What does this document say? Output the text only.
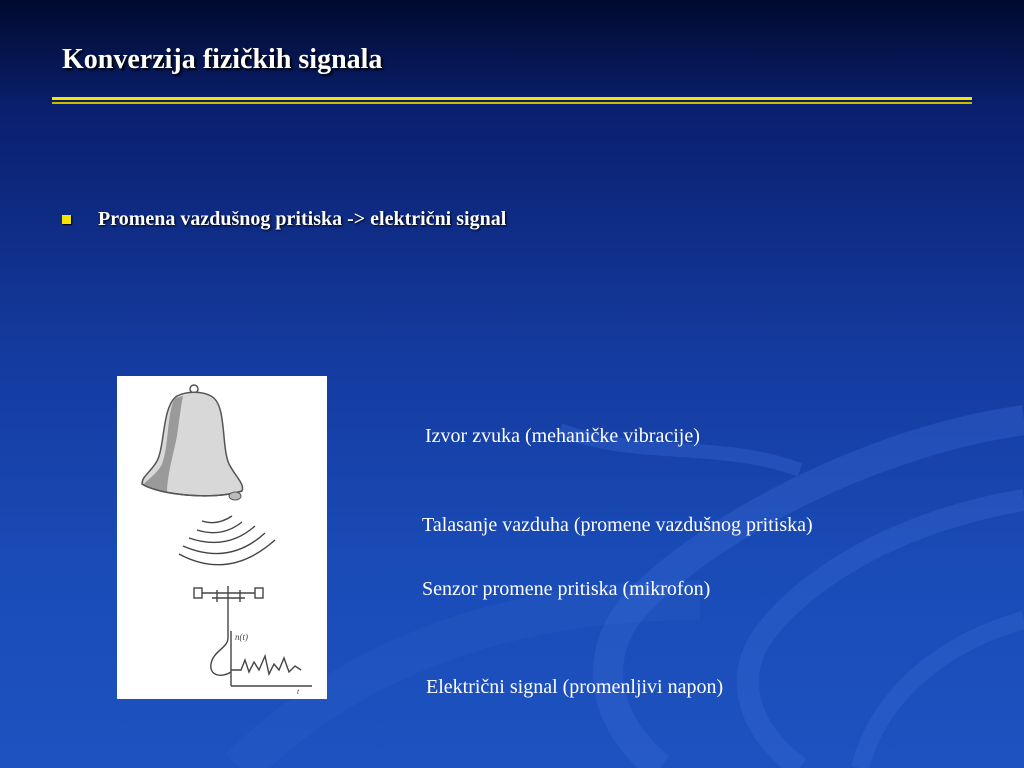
Konverzija fizičkih signala
Promena vazdušnog pritiska -> električni signal
n(t)
t
Izvor zvuka (mehaničke vibracije)
Talasanje vazduha (promene vazdušnog pritiska)
Senzor promene pritiska (mikrofon)
Električni signal (promenljivi napon)
